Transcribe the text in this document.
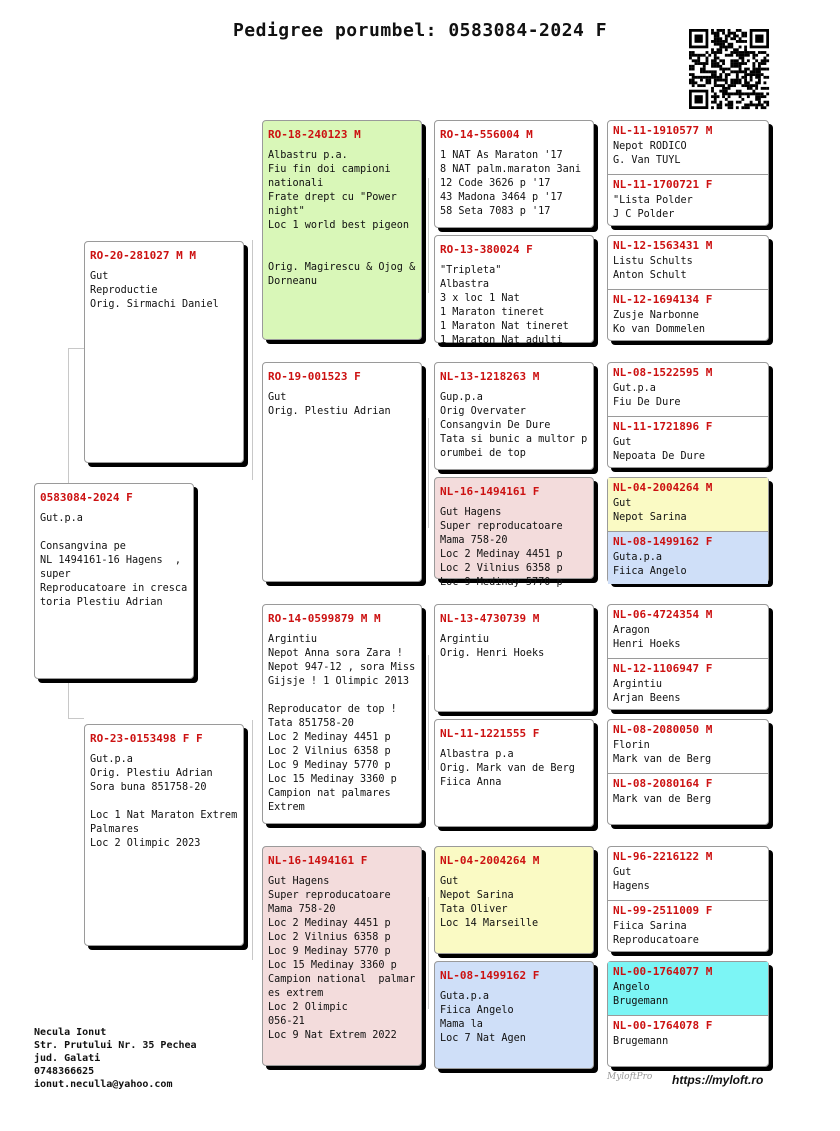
Pedigree porumbel: 0583084-2024 F
0583084-2024 F
Gut.p.a

Consangvina pe
NL 1494161-16 Hagens  ,
super
Reproducatoare in cresca
toria Plestiu Adrian
RO-20-281027 M M
Gut
Reproductie
Orig. Sirmachi Daniel
RO-23-0153498 F F
Gut.p.a
Orig. Plestiu Adrian
Sora buna 851758-20

Loc 1 Nat Maraton Extrem
Palmares
Loc 2 Olimpic 2023
RO-18-240123 M
Albastru p.a.
Fiu fin doi campioni
nationali
Frate drept cu "Power
night"
Loc 1 world best pigeon

Orig. Magirescu & Ojog &
Dorneanu
RO-19-001523 F
Gut
Orig. Plestiu Adrian
RO-14-0599879 M M
Argintiu
Nepot Anna sora Zara !
Nepot 947-12 , sora Miss
Gijsje ! 1 Olimpic 2013

Reproducator de top !
Tata 851758-20
Loc 2 Medinay 4451 p
Loc 2 Vilnius 6358 p
Loc 9 Medinay 5770 p
Loc 15 Medinay 3360 p
Campion nat palmares
Extrem
NL-16-1494161 F
Gut Hagens
Super reproducatoare
Mama 758-20
Loc 2 Medinay 4451 p
Loc 2 Vilnius 6358 p
Loc 9 Medinay 5770 p
Loc 15 Medinay 3360 p
Campion national  palmar
es extrem
Loc 2 Olimpic
056-21
Loc 9 Nat Extrem 2022
RO-14-556004 M
1 NAT As Maraton '17
8 NAT palm.maraton 3ani
12 Code 3626 p '17
43 Madona 3464 p '17
58 Seta 7083 p '17
RO-13-380024 F
"Tripleta"
Albastra
3 x loc 1 Nat
1 Maraton tineret
1 Maraton Nat tineret
1 Maraton Nat adulti
NL-13-1218263 M
Gup.p.a
Orig Overvater
Consangvin De Dure
Tata si bunic a multor p
orumbei de top
NL-16-1494161 F
Gut Hagens
Super reproducatoare
Mama 758-20
Loc 2 Medinay 4451 p
Loc 2 Vilnius 6358 p
Loc 9 Medinay 5770 p
NL-13-4730739 M
Argintiu
Orig. Henri Hoeks
NL-11-1221555 F
Albastra p.a
Orig. Mark van de Berg
Fiica Anna
NL-04-2004264 M
Gut
Nepot Sarina
Tata Oliver
Loc 14 Marseille
NL-08-1499162 F
Guta.p.a
Fiica Angelo
Mama la
Loc 7 Nat Agen
NL-11-1910577 M
Nepot RODICO
G. Van TUYL
NL-11-1700721 F
"Lista Polder
J C Polder
NL-12-1563431 M
Listu Schults
Anton Schult
NL-12-1694134 F
Zusje Narbonne
Ko van Dommelen
NL-08-1522595 M
Gut.p.a
Fiu De Dure
NL-11-1721896 F
Gut
Nepoata De Dure
NL-04-2004264 M
Gut
Nepot Sarina
NL-08-1499162 F
Guta.p.a
Fiica Angelo
NL-06-4724354 M
Aragon
Henri Hoeks
NL-12-1106947 F
Argintiu
Arjan Beens
NL-08-2080050 M
Florin
Mark van de Berg
NL-08-2080164 F
Mark van de Berg
NL-96-2216122 M
Gut
Hagens
NL-99-2511009 F
Fiica Sarina
Reproducatoare
NL-00-1764077 M
Angelo
Brugemann
NL-00-1764078 F
Brugemann
Necula Ionut
Str. Prutului Nr. 35 Pechea
jud. Galati
0748366625
ionut.neculla@yahoo.com
MyloftPro https://myloft.ro
